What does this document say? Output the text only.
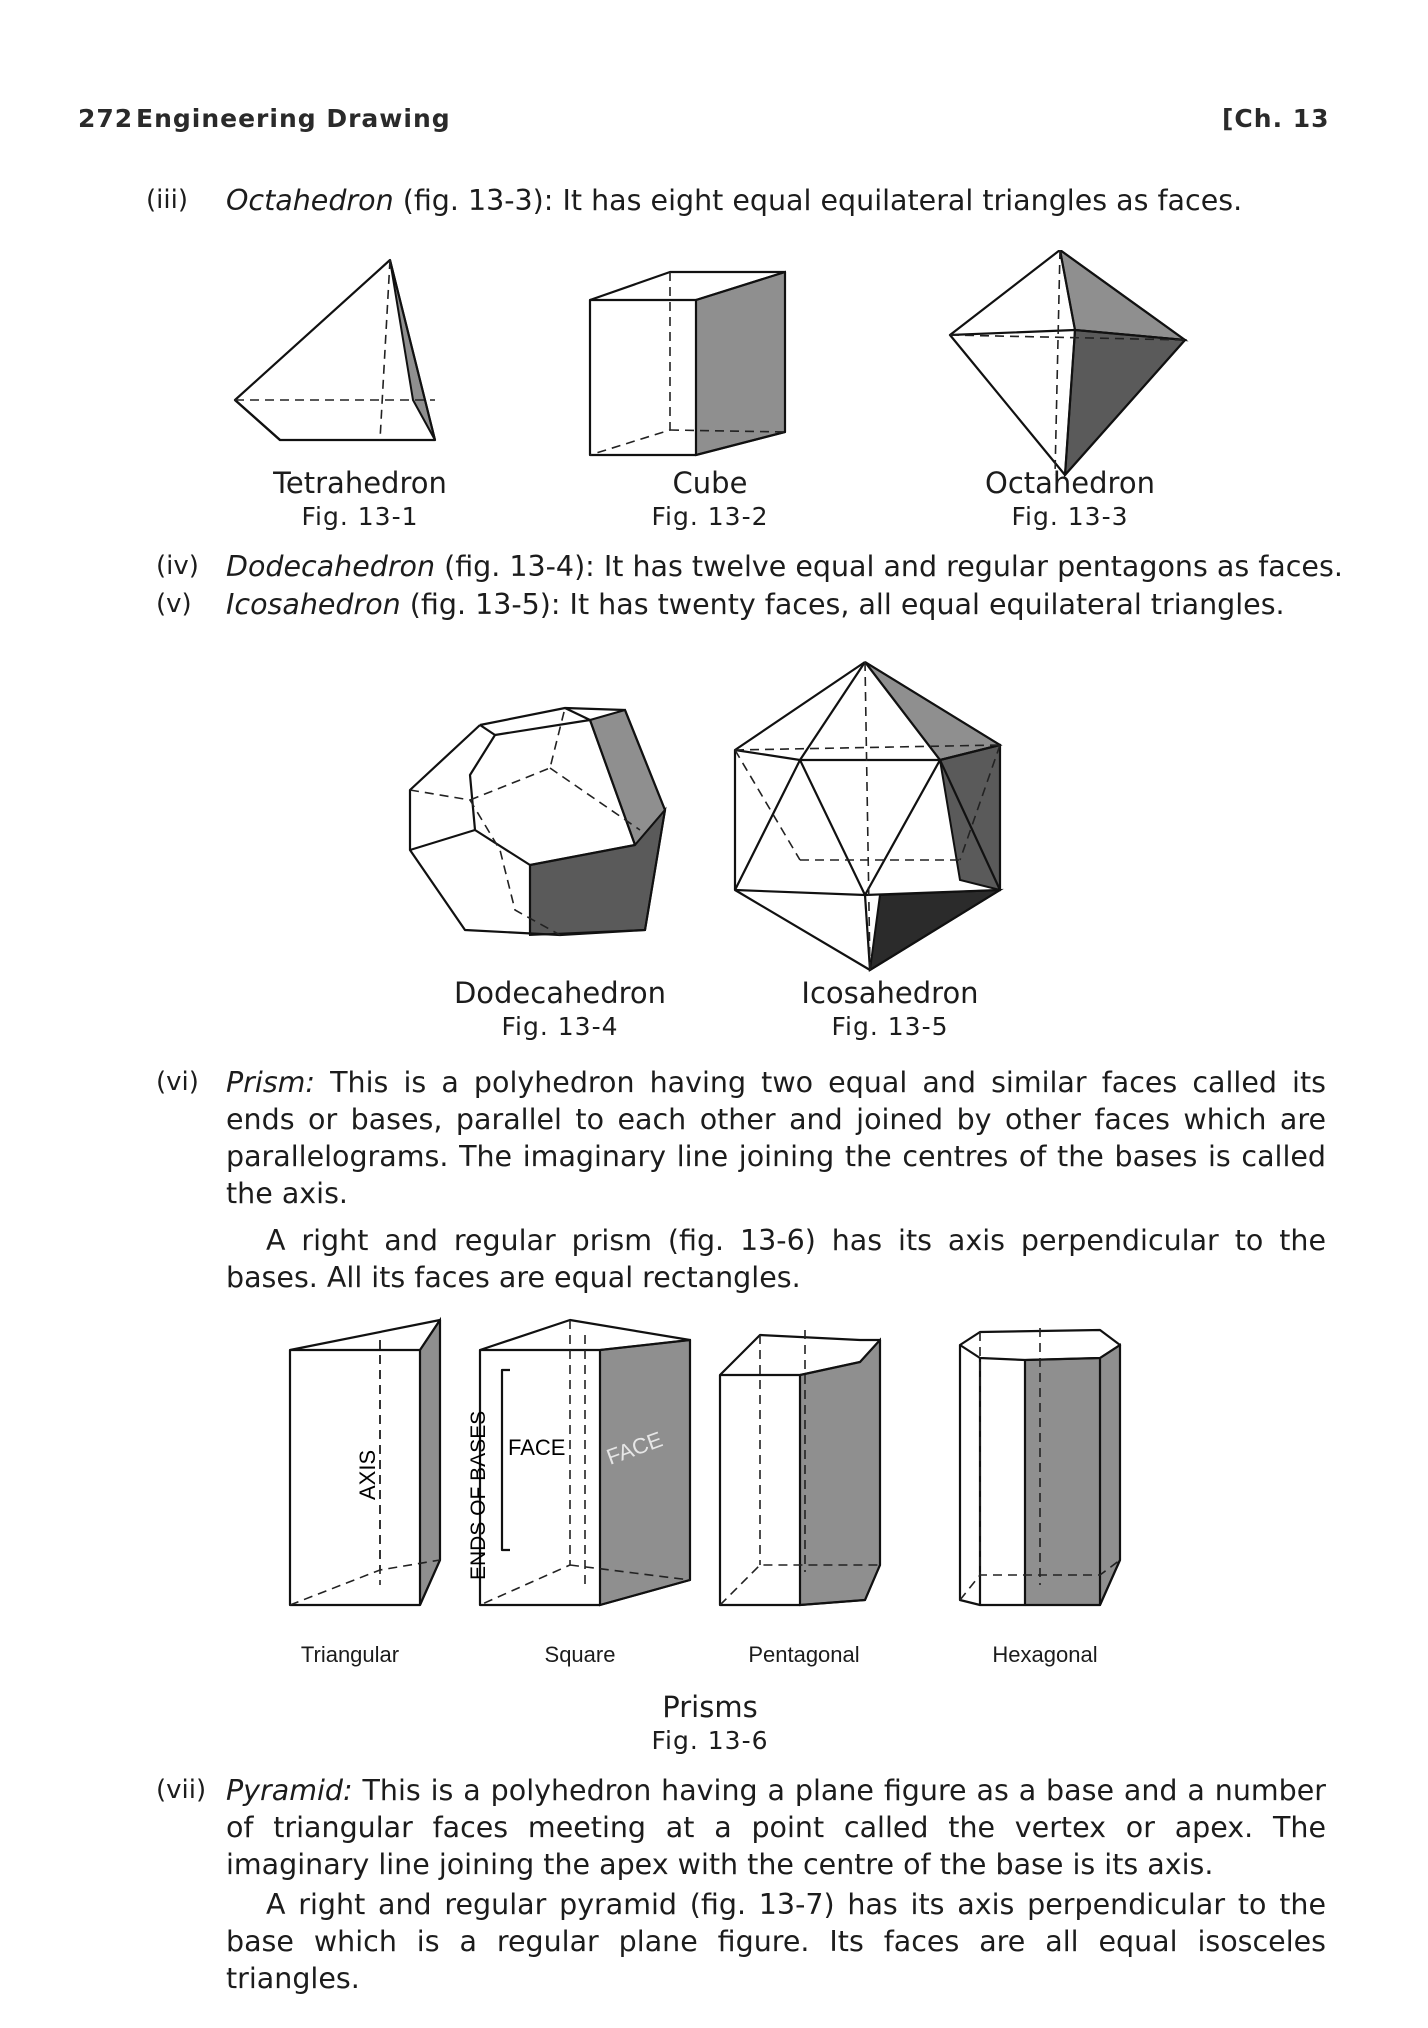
272 Engineering Drawing	[Ch. 13
(iii) Octahedron (fig. 13-3): It has eight equal equilateral triangles as faces.
Tetrahedron
Fig. 13-1
Cube
Fig. 13-2
Octahedron
Fig. 13-3
(iv) Dodecahedron (fig. 13-4): It has twelve equal and regular pentagons as faces.
(v) Icosahedron (fig. 13-5): It has twenty faces, all equal equilateral triangles.
Dodecahedron
Fig. 13-4
Icosahedron
Fig. 13-5
(vi) Prism: This is a polyhedron having two equal and similar faces called its ends or bases, parallel to each other and joined by other faces which are parallelograms. The imaginary line joining the centres of the bases is called the axis.
A right and regular prism (fig. 13-6) has its axis perpendicular to the bases. All its faces are equal rectangles.
AXIS	ENDS OF BASES FACE FACE
Triangular	Square	Pentagonal	Hexagonal
Prisms
Fig. 13-6
(vii) Pyramid: This is a polyhedron having a plane figure as a base and a number of triangular faces meeting at a point called the vertex or apex. The imaginary line joining the apex with the centre of the base is its axis.
A right and regular pyramid (fig. 13-7) has its axis perpendicular to the base which is a regular plane figure. Its faces are all equal isosceles triangles.
